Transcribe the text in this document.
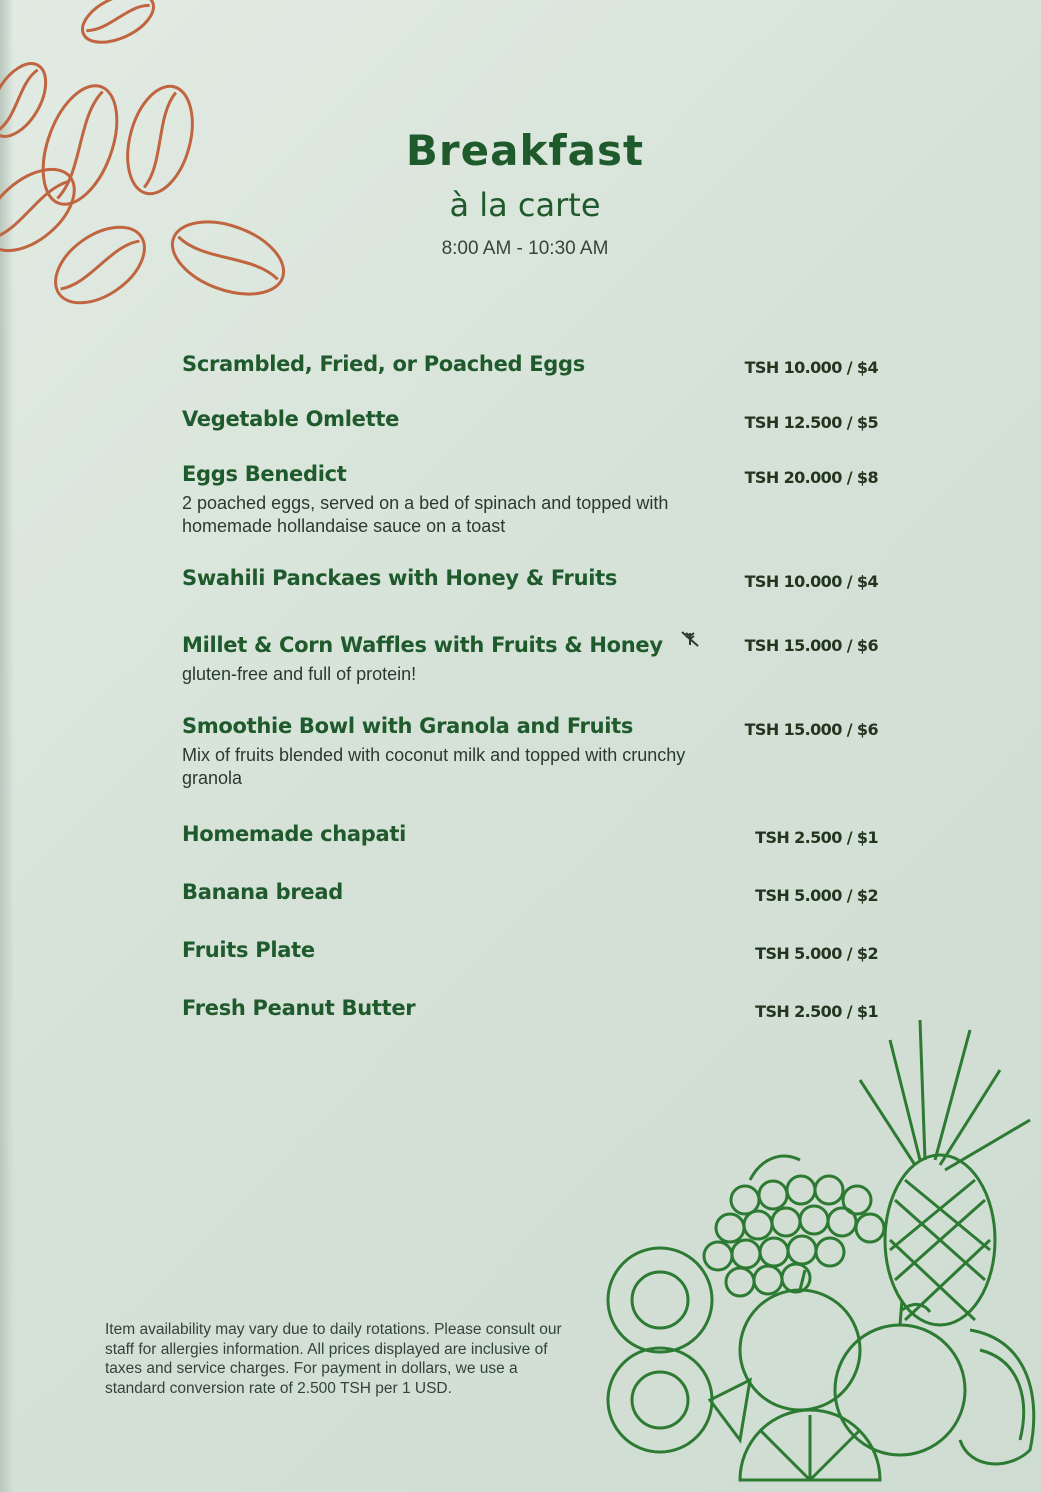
Breakfast
à la carte
8:00 AM - 10:30 AM
Scrambled, Fried, or Poached Eggs	TSH 10.000 / $4
Vegetable Omlette	TSH 12.500 / $5
Eggs Benedict	TSH 20.000 / $8
2 poached eggs, served on a bed of spinach and topped with homemade hollandaise sauce on a toast
Swahili Panckaes with Honey & Fruits	TSH 10.000 / $4
Millet & Corn Waffles with Fruits & Honey	TSH 15.000 / $6
gluten-free and full of protein!
Smoothie Bowl with Granola and Fruits	TSH 15.000 / $6
Mix of fruits blended with coconut milk and topped with crunchy granola
Homemade chapati	TSH 2.500 / $1
Banana bread	TSH 5.000 / $2
Fruits Plate	TSH 5.000 / $2
Fresh Peanut Butter	TSH 2.500 / $1
Item availability may vary due to daily rotations. Please consult our staff for allergies information. All prices displayed are inclusive of taxes and service charges. For payment in dollars, we use a standard conversion rate of 2.500 TSH per 1 USD.
